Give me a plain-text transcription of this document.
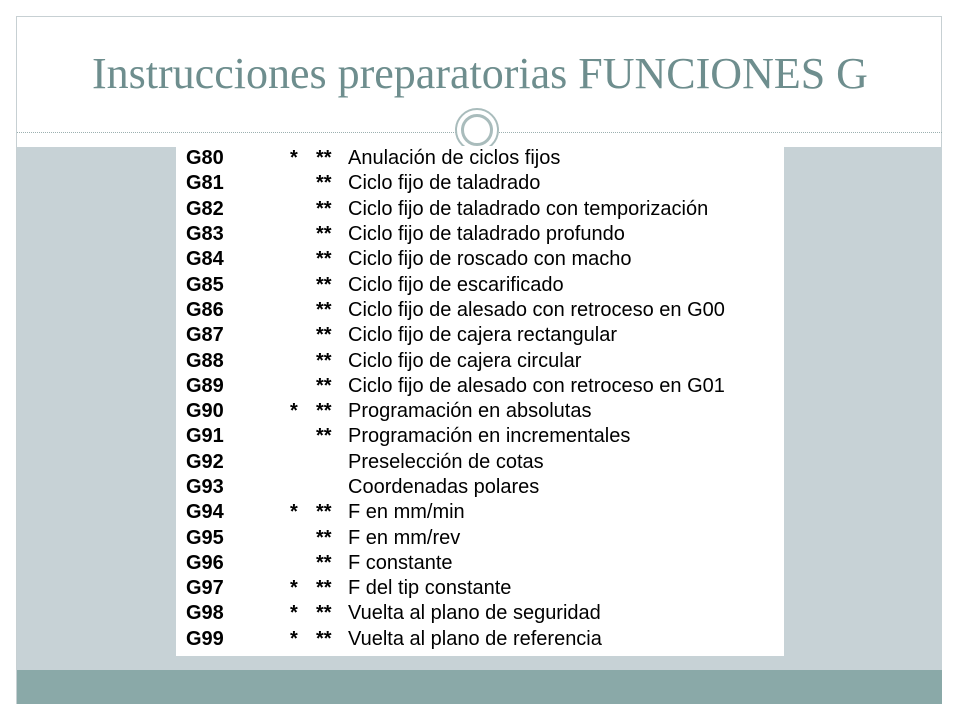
Instrucciones preparatorias FUNCIONES G
G80	*	**	Anulación de ciclos fijos
G81		**	Ciclo fijo de taladrado
G82		**	Ciclo fijo de taladrado con temporización
G83		**	Ciclo fijo de taladrado profundo
G84		**	Ciclo fijo de roscado con macho
G85		**	Ciclo fijo de escarificado
G86		**	Ciclo fijo de alesado con retroceso en G00
G87		**	Ciclo fijo de cajera rectangular
G88		**	Ciclo fijo de cajera circular
G89		**	Ciclo fijo de alesado con retroceso en G01
G90	*	**	Programación en absolutas
G91		**	Programación en incrementales
G92			Preselección de cotas
G93			Coordenadas polares
G94	*	**	F en mm/min
G95		**	F en mm/rev
G96		**	F constante
G97	*	**	F del tip constante
G98	*	**	Vuelta al plano de seguridad
G99	*	**	Vuelta al plano de referencia
